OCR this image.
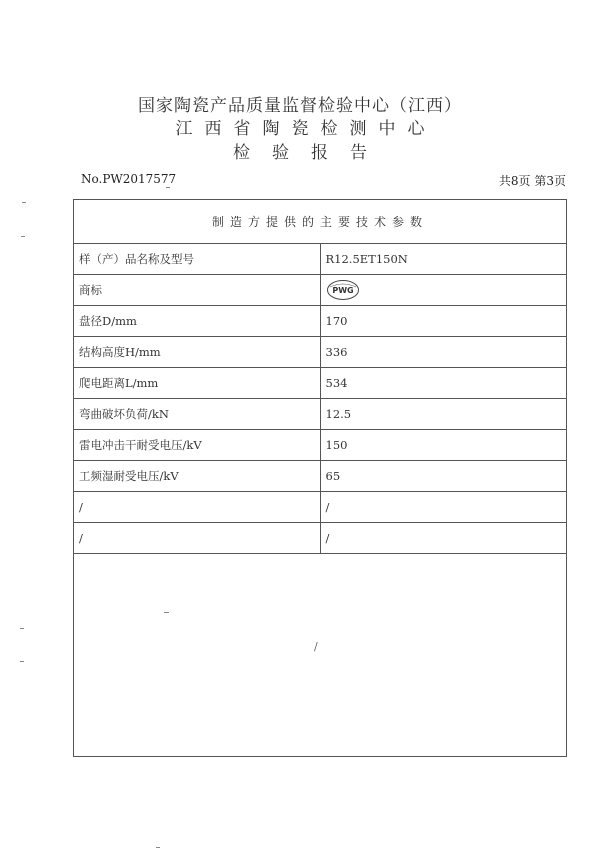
国家陶瓷产品质量监督检验中心（江西）
江西省陶瓷检测中心
检验报告
No.PW2017577	共8页 第3页
制造方提供的主要技术参数	
样（产）品名称及型号	R12.5ET150N
商标	PWG

盘径D/mm	170
结构高度H/mm	336
爬电距离L/mm	534
弯曲破坏负荷/kN	12.5
雷电冲击干耐受电压/kV	150
工频湿耐受电压/kV	65
/	/
/	/

/	
